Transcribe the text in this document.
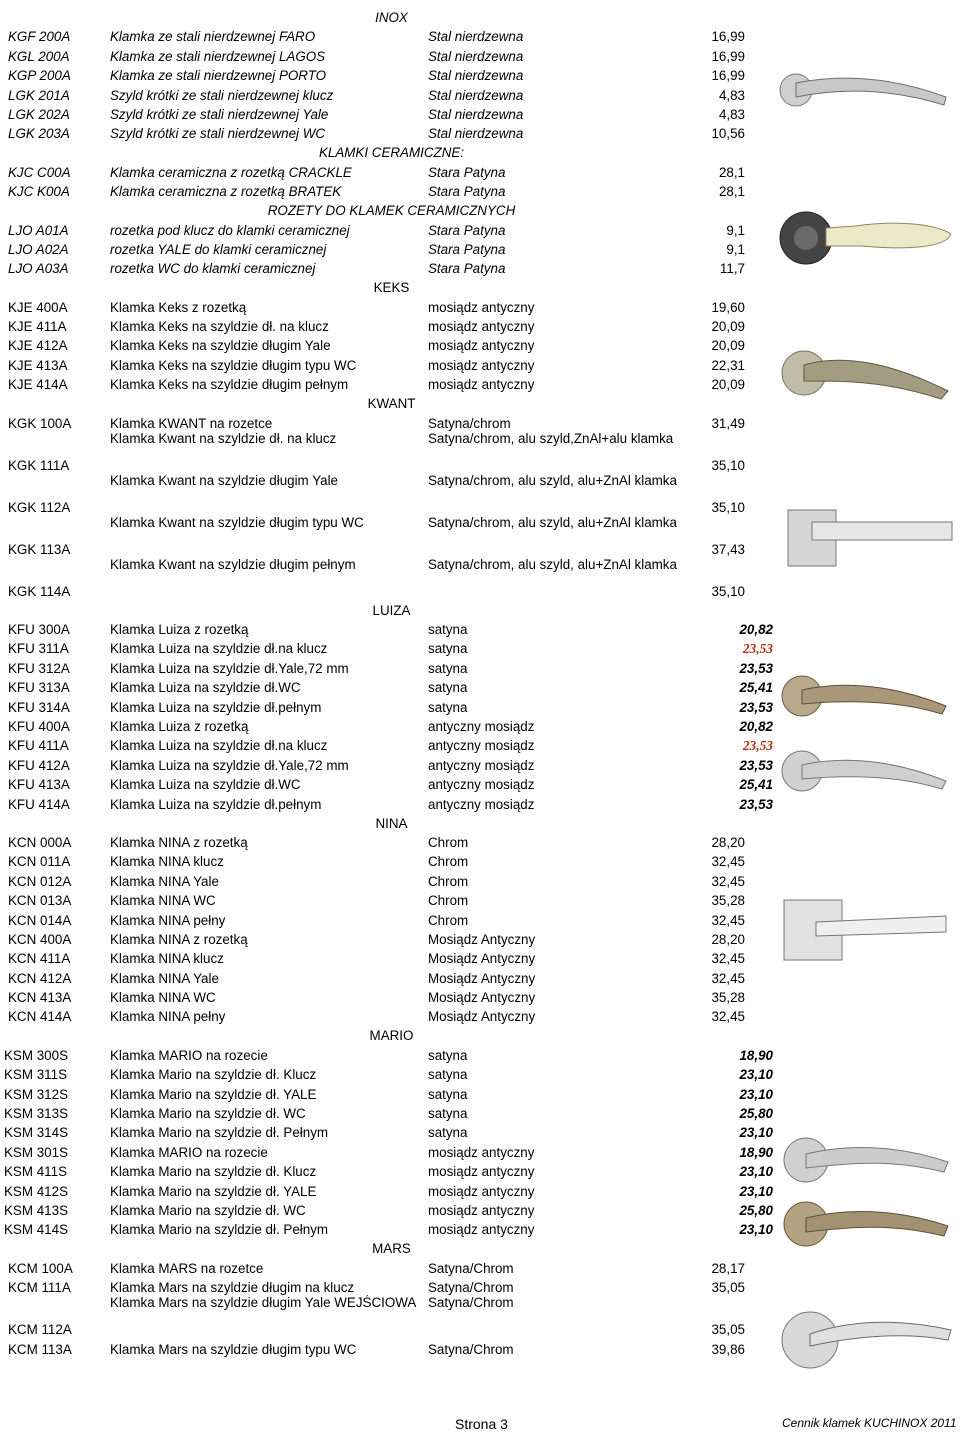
INOX			
KGF 200A	Klamka ze stali nierdzewnej FARO	Stal nierdzewna	16,99
KGL 200A	Klamka ze stali nierdzewnej LAGOS	Stal nierdzewna	16,99
KGP 200A	Klamka ze stali nierdzewnej PORTO	Stal nierdzewna	16,99
LGK 201A	Szyld krótki ze stali nierdzewnej klucz	Stal nierdzewna	4,83
LGK 202A	Szyld krótki ze stali nierdzewnej Yale	Stal nierdzewna	4,83
LGK 203A	Szyld krótki ze stali nierdzewnej WC	Stal nierdzewna	10,56
KLAMKI CERAMICZNE:			
KJC C00A	Klamka ceramiczna z rozetką CRACKLE	Stara Patyna	28,1
KJC K00A	Klamka ceramiczna z rozetką BRATEK	Stara Patyna	28,1
ROZETY DO KLAMEK CERAMICZNYCH			
LJO A01A	rozetka pod klucz do klamki ceramicznej	Stara Patyna	9,1
LJO A02A	rozetka YALE do klamki ceramicznej	Stara Patyna	9,1
LJO A03A	rozetka WC do klamki ceramicznej	Stara Patyna	11,7
KEKS			
KJE 400A	Klamka Keks z rozetką	mosiądz antyczny	19,60
KJE 411A	Klamka Keks na szyldzie dł. na klucz	mosiądz antyczny	20,09
KJE 412A	Klamka Keks na szyldzie długim Yale	mosiądz antyczny	20,09
KJE 413A	Klamka Keks na szyldzie długim typu WC	mosiądz antyczny	22,31
KJE 414A	Klamka Keks na szyldzie długim pełnym	mosiądz antyczny	20,09
KWANT			
KGK 100A	Klamka KWANT na rozetce	Satyna/chrom	31,49
KGK 111A	Klamka Kwant na szyldzie dł. na klucz	Satyna/chrom, alu szyld,ZnAl+alu klamka	35,10
KGK 112A	Klamka Kwant na szyldzie długim Yale	Satyna/chrom, alu szyld, alu+ZnAl klamka	35,10
KGK 113A	Klamka Kwant na szyldzie długim typu WC	Satyna/chrom, alu szyld, alu+ZnAl klamka	37,43
KGK 114A	Klamka Kwant na szyldzie długim pełnym	Satyna/chrom, alu szyld, alu+ZnAl klamka	35,10
LUIZA			
KFU 300A	Klamka Luiza z rozetką	satyna	20,82
KFU 311A	Klamka Luiza na szyldzie dł.na klucz	satyna	23,53
KFU 312A	Klamka Luiza na szyldzie dł.Yale,72 mm	satyna	23,53
KFU 313A	Klamka Luiza na szyldzie dł.WC	satyna	25,41
KFU 314A	Klamka Luiza na szyldzie dł.pełnym	satyna	23,53
KFU 400A	Klamka Luiza z rozetką	antyczny mosiądz	20,82
KFU 411A	Klamka Luiza na szyldzie dł.na klucz	antyczny mosiądz	23,53
KFU 412A	Klamka Luiza na szyldzie dł.Yale,72 mm	antyczny mosiądz	23,53
KFU 413A	Klamka Luiza na szyldzie dł.WC	antyczny mosiądz	25,41
KFU 414A	Klamka Luiza na szyldzie dł.pełnym	antyczny mosiądz	23,53
NINA			
KCN 000A	Klamka NINA z rozetką	Chrom	28,20
KCN 011A	Klamka NINA klucz	Chrom	32,45
KCN 012A	Klamka NINA Yale	Chrom	32,45
KCN 013A	Klamka NINA WC	Chrom	35,28
KCN 014A	Klamka NINA pełny	Chrom	32,45
KCN 400A	Klamka NINA z rozetką	Mosiądz Antyczny	28,20
KCN 411A	Klamka NINA klucz	Mosiądz Antyczny	32,45
KCN 412A	Klamka NINA Yale	Mosiądz Antyczny	32,45
KCN 413A	Klamka NINA WC	Mosiądz Antyczny	35,28
KCN 414A	Klamka NINA pełny	Mosiądz Antyczny	32,45
MARIO			
KSM 300S	Klamka MARIO na rozecie	satyna	18,90
KSM 311S	Klamka Mario na szyldzie dł. Klucz	satyna	23,10
KSM 312S	Klamka Mario na szyldzie dł. YALE	satyna	23,10
KSM 313S	Klamka Mario na szyldzie dł. WC	satyna	25,80
KSM 314S	Klamka Mario na szyldzie dł. Pełnym	satyna	23,10
KSM 301S	Klamka MARIO na rozecie	mosiądz antyczny	18,90
KSM 411S	Klamka Mario na szyldzie dł. Klucz	mosiądz antyczny	23,10
KSM 412S	Klamka Mario na szyldzie dł. YALE	mosiądz antyczny	23,10
KSM 413S	Klamka Mario na szyldzie dł. WC	mosiądz antyczny	25,80
KSM 414S	Klamka Mario na szyldzie dł. Pełnym	mosiądz antyczny	23,10
MARS			
KCM 100A	Klamka MARS na rozetce	Satyna/Chrom	28,17
KCM 111A	Klamka Mars na szyldzie długim na klucz	Satyna/Chrom	35,05
KCM 112A	Klamka Mars na szyldzie długim Yale WEJŚCIOWA	Satyna/Chrom	35,05
KCM 113A	Klamka Mars na szyldzie długim typu WC	Satyna/Chrom	39,86
Strona 3	Cennik klamek KUCHINOX 2011
